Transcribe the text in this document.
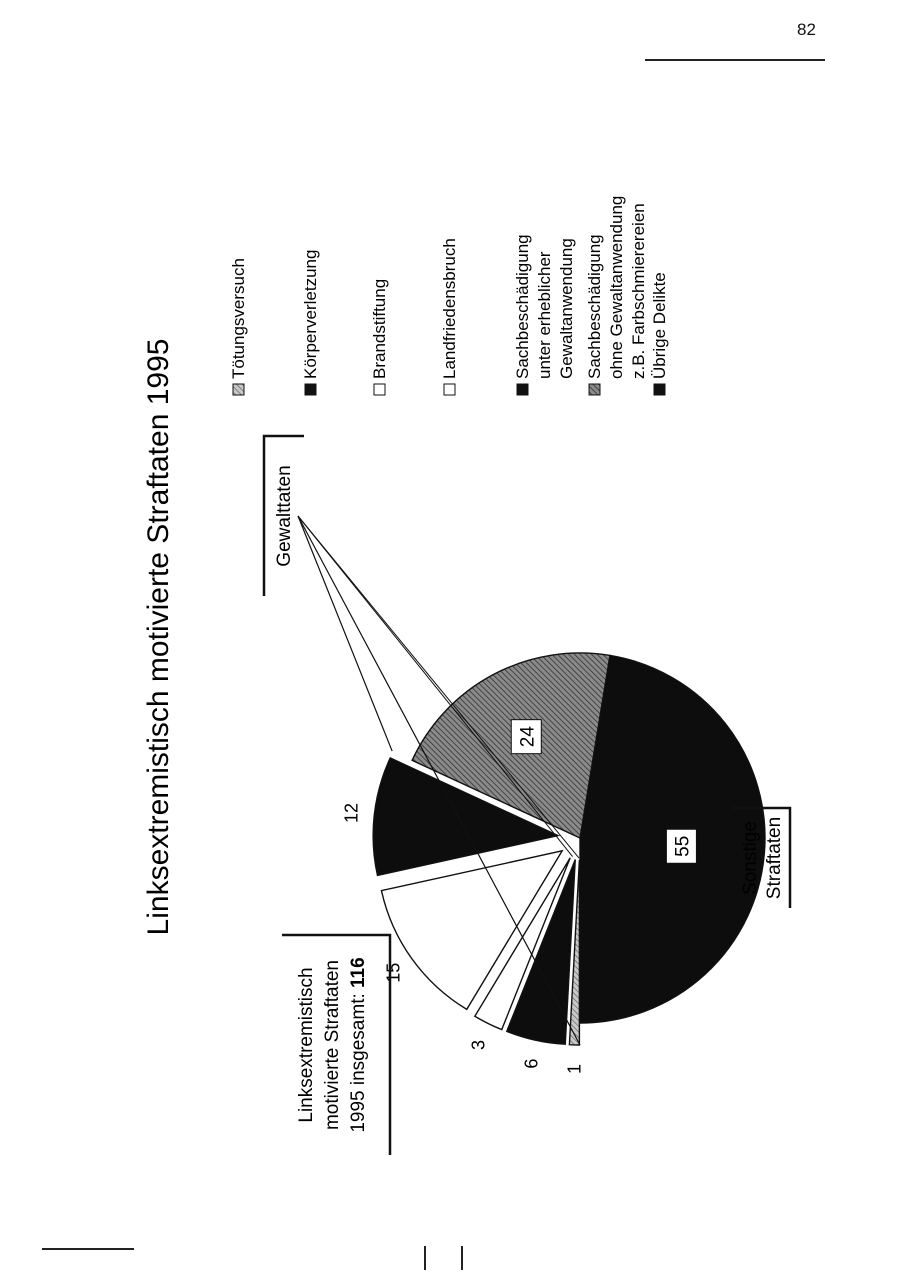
82
Linksextremistisch motivierte Straftaten 1995	55
1
6
3
15
12
24
Gewalttaten
Sonstige Straftaten
Linksextremistisch motivierte Straftaten 1995 insgesamt: 116
Tötungsversuch	Körperverletzung	Brandstiftung	Landfriedensbruch	Sachbeschädigung unter erheblicher Gewaltanwendung Sachbeschädigung ohne Gewaltanwendung z.B. Farbschmierereien Übrige Delikte
